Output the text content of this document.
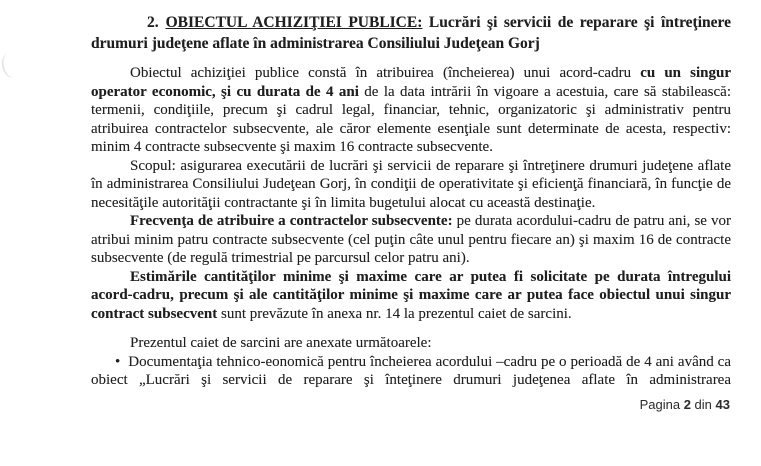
2. OBIECTUL ACHIZIŢIEI PUBLICE: Lucrări şi servicii de reparare şi întreţinere drumuri judeţene aflate în administrarea Consiliului Judeţean Gorj

Obiectul achiziţiei publice constă în atribuirea (încheierea) unui acord-cadru cu un singur operator economic, şi cu durata de 4 ani de la data intrării în vigoare a acestuia, care să stabilească: termenii, condiţiile, precum şi cadrul legal, financiar, tehnic, organizatoric şi administrativ pentru atribuirea contractelor subsecvente, ale căror elemente esenţiale sunt determinate de acesta, respectiv: minim 4 contracte subsecvente şi maxim 16 contracte subsecvente.

Scopul: asigurarea executării de lucrări şi servicii de reparare şi întreţinere drumuri judeţene aflate în administrarea Consiliului Judeţean Gorj, în condiţii de operativitate şi eficienţă financiară, în funcţie de necesităţile autorităţii contractante şi în limita bugetului alocat cu această destinaţie.

Frecvenţa de atribuire a contractelor subsecvente: pe durata acordului-cadru de patru ani, se vor atribui minim patru contracte subsecvente (cel puţin câte unul pentru fiecare an) şi maxim 16 de contracte subsecvente (de regulă trimestrial pe parcursul celor patru ani).

Estimările cantităţilor minime şi maxime care ar putea fi solicitate pe durata întregului acord-cadru, precum şi ale cantităţilor minime şi maxime care ar putea face obiectul unui singur contract subsecvent sunt prevăzute în anexa nr. 14 la prezentul caiet de sarcini.

Prezentul caiet de sarcini are anexate următoarele:

• Documentaţia tehnico-eonomică pentru încheierea acordului –cadru pe o perioadă de 4 ani având ca obiect „Lucrări şi servicii de reparare şi înteţinere drumuri judeţenea aflate în administrarea

Pagina 2 din 43
